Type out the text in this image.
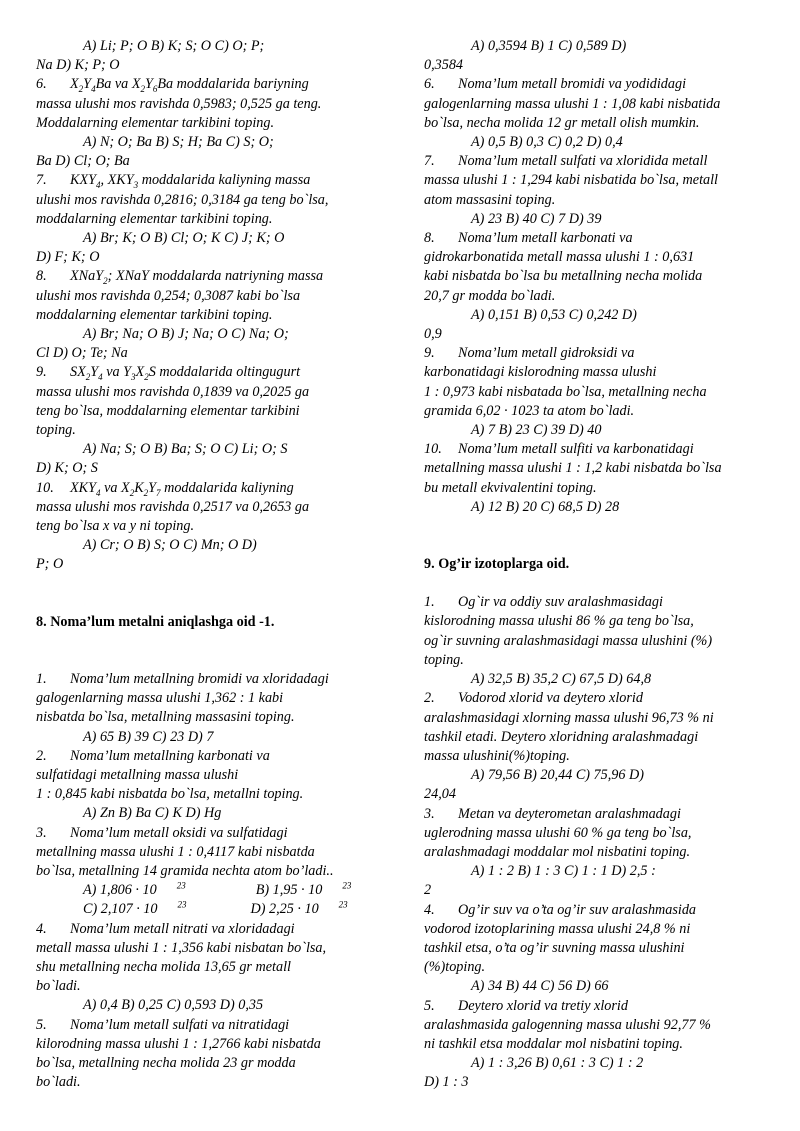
A) Li; P; O B) K; S; O C) O; P;

Na D) K; P; O

6. $X_2Y_4Ba$ va $X_2Y_6Ba$ moddalarida bariyning

massa ulushi mos ravishda 0,5983; 0,525 ga teng.

Moddalarning elementar tarkibini toping.

A) N; O; Ba B) S; H; Ba C) S; O;

Ba D) Cl; O; Ba

7. $KXY_4$, $XKY_3$ moddalarida kaliyning massa

ulushi mos ravishda 0,2816; 0,3184 ga teng bo`lsa,

moddalarning elementar tarkibini toping.

A) Br; K; O B) Cl; O; K C) J; K; O

D) F; K; O

8. XNaY$_2$; XNaY moddalarda natriyning massa

ulushi mos ravishda 0,254; 0,3087 kabi bo`lsa

moddalarning elementar tarkibini toping.

A) Br; Na; O B) J; Na; O C) Na; O;

Cl D) O; Te; Na

9. $SX_2Y_4$ va $Y_3X_2S$ moddalarida oltingugurt

massa ulushi mos ravishda 0,1839 va 0,2025 ga

teng bo`lsa, moddalarning elementar tarkibini

toping.

A) Na; S; O B) Ba; S; O C) Li; O; S

D) K; O; S

10. $XKY_4$ va $X_2K_2Y_7$ moddalarida kaliyning

massa ulushi mos ravishda 0,2517 va 0,2653 ga

teng bo`lsa x va y ni toping.

A) Cr; O B) S; O C) Mn; O D)

P; O

8. Noma’lum metalni aniqlashga oid -1.

1. Noma’lum metallning bromidi va xloridadagi

galogenlarning massa ulushi 1,362 : 1 kabi

nisbatda bo`lsa, metallning massasini toping.

A) 65 B) 39 C) 23 D) 7

2. Noma’lum metallning karbonati va

sulfatidagi metallning massa ulushi

1 : 0,845 kabi nisbatda bo`lsa, metallni toping.

A) Zn B) Ba C) K D) Hg

3. Noma’lum metall oksidi va sulfatidagi

metallning massa ulushi 1 : 0,4117 kabi nisbatda

bo`lsa, metallning 14 gramida nechta atom bo’ladi..

A) 1,806 · 10 $^{23}$	B) 1,95 · 10 $^{23}$

C) 2,107 · 10 $^{23}$	D) 2,25 · 10 $^{23}$

4. Noma’lum metall nitrati va xloridadagi

metall massa ulushi 1 : 1,356 kabi nisbatan bo`lsa,

shu metallning necha molida 13,65 gr metall

bo`ladi.

A) 0,4 B) 0,25 C) 0,593 D) 0,35

5. Noma’lum metall sulfati va nitratidagi

kilorodning massa ulushi 1 : 1,2766 kabi nisbatda

bo`lsa, metallning necha molida 23 gr modda

bo`ladi.

A) 0,3594 B) 1 C) 0,589 D)

0,3584

6. Noma’lum metall bromidi va yodididagi

galogenlarning massa ulushi 1 : 1,08 kabi nisbatida

bo`lsa, necha molida 12 gr metall olish mumkin.

A) 0,5 B) 0,3 C) 0,2 D) 0,4

7. Noma’lum metall sulfati va xloridida metall

massa ulushi 1 : 1,294 kabi nisbatida bo`lsa, metall

atom massasini toping.

A) 23 B) 40 C) 7 D) 39

8. Noma’lum metall karbonati va

gidrokarbonatida metall massa ulushi 1 : 0,631

kabi nisbatda bo`lsa bu metallning necha molida

20,7 gr modda bo`ladi.

A) 0,151 B) 0,53 C) 0,242 D)

0,9

9. Noma’lum metall gidroksidi va

karbonatidagi kislorodning massa ulushi

1 : 0,973 kabi nisbatada bo`lsa, metallning necha

gramida 6,02 · 1023 ta atom bo`ladi.

A) 7 B) 23 C) 39 D) 40

10. Noma’lum metall sulfiti va karbonatidagi

metallning massa ulushi 1 : 1,2 kabi nisbatda bo`lsa

bu metall ekvivalentini toping.

A) 12 B) 20 C) 68,5 D) 28

9. Og’ir izotoplarga oid.

1. Og`ir va oddiy suv aralashmasidagi

kislorodning massa ulushi 86 % ga teng bo`lsa,

og`ir suvning aralashmasidagi massa ulushini (%)

toping.

A) 32,5 B) 35,2 C) 67,5 D) 64,8

2. Vodorod xlorid va deytero xlorid

aralashmasidagi xlorning massa ulushi 96,73 % ni

tashkil etadi. Deytero xloridning aralashmadagi

massa ulushini(%)toping.

A) 79,56 B) 20,44 C) 75,96 D)

24,04

3. Metan va deyterometan aralashmadagi

uglerodning massa ulushi 60 % ga teng bo`lsa,

aralashmadagi moddalar mol nisbatini toping.

A) 1 : 2 B) 1 : 3 C) 1 : 1 D) 2,5 :

2

4. Og’ir suv va o’ta og’ir suv aralashmasida

vodorod izotoplarining massa ulushi 24,8 % ni

tashkil etsa, o’ta og’ir suvning massa ulushini

(%)toping.

A) 34 B) 44 C) 56 D) 66

5. Deytero xlorid va tretiy xlorid

aralashmasida galogenning massa ulushi 92,77 %

ni tashkil etsa moddalar mol nisbatini toping.

A) 1 : 3,26 B) 0,61 : 3 C) 1 : 2

D) 1 : 3
